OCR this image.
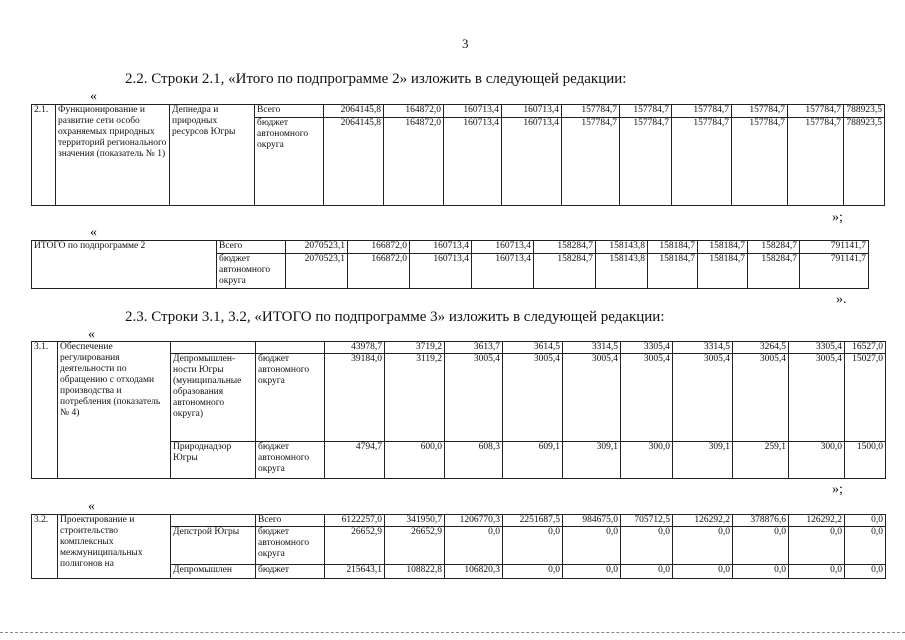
3
2.2. Строки 2.1, «Итого по подпрограмме 2» изложить в следующей редакции:
«
2.1.	Функционирование и развитие сети особо охраняемых природных территорий регионального значения (показатель № 1)	Депнедра и природных ресурсов Югры	Всего	2064145,8	164872,0	160713,4	160713,4	157784,7	157784,7	157784,7	157784,7	157784,7	788923,5
			бюджет автономного округа	2064145,8	164872,0	160713,4	160713,4	157784,7	157784,7	157784,7	157784,7	157784,7	788923,5
»;
«
ИТОГО по подпрограмме 2	Всего	2070523,1	166872,0	160713,4	160713,4	158284,7	158143,8	158184,7	158184,7	158284,7	791141,7
	бюджет автономного округа	2070523,1	166872,0	160713,4	160713,4	158284,7	158143,8	158184,7	158184,7	158284,7	791141,7
».
2.3. Строки 3.1, 3.2, «ИТОГО по подпрограмме 3» изложить в следующей редакции:
«
3.1.	Обеспечение регулирования деятельности по обращению с отходами производства и потребления (показатель № 4)			43978,7	3719,2	3613,7	3614,5	3314,5	3305,4	3314,5	3264,5	3305,4	16527,0
		Депромышлен-ности Югры (муниципальные образования автономного округа)	бюджет автономного округа	39184,0	3119,2	3005,4	3005,4	3005,4	3005,4	3005,4	3005,4	3005,4	15027,0
		Природнадзор Югры	бюджет автономного округа	4794,7	600,0	608,3	609,1	309,1	300,0	309,1	259,1	300,0	1500,0
»;
«
3.2.	Проектирование и строительство комплексных межмуниципальных полигонов на		Всего	6122257,0	341950,7	1206770,3	2251687,5	984675,0	705712,5	126292,2	378876,6	126292,2	0,0
		Депстрой Югры	бюджет автономного округа	26652,9	26652,9	0,0	0,0	0,0	0,0	0,0	0,0	0,0	0,0
		Депромышлен	бюджет	215643,1	108822,8	106820,3	0,0	0,0	0,0	0,0	0,0	0,0	0,0
